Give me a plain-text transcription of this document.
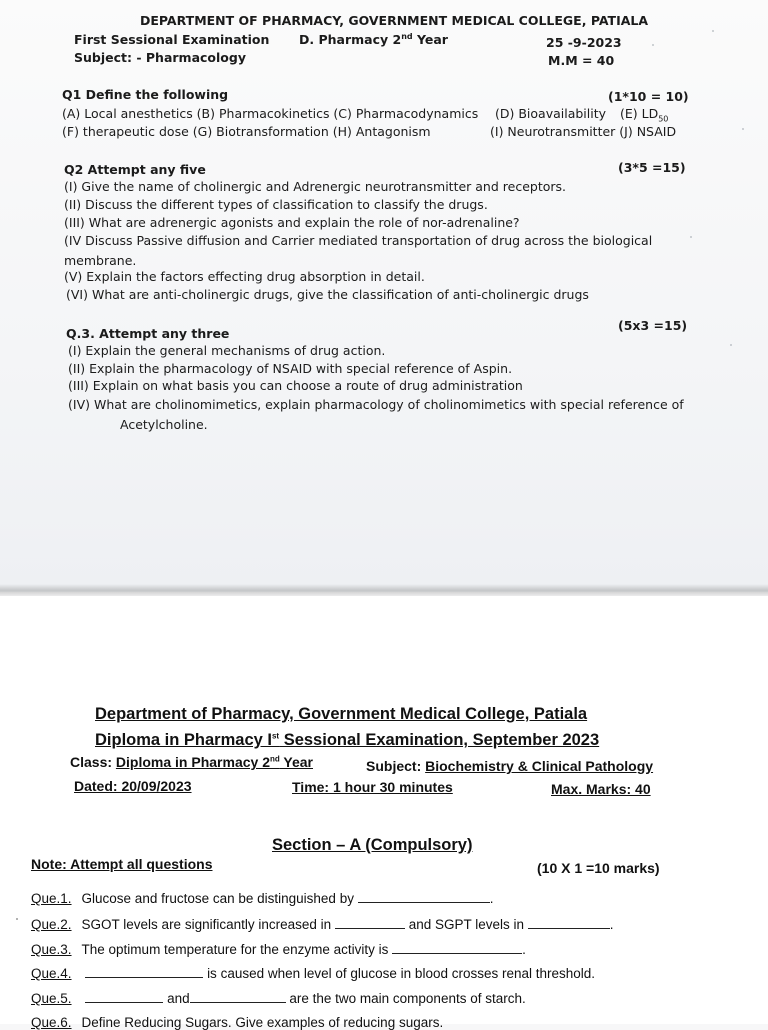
DEPARTMENT OF PHARMACY, GOVERNMENT MEDICAL COLLEGE, PATIALA
First Sessional Examination D. Pharmacy 2nd Year	25 -9-2023
Subject: - Pharmacology	M.M = 40
Q1 Define the following	(1*10 = 10)
(A) Local anesthetics (B) Pharmacokinetics (C) Pharmacodynamics (D) Bioavailability (E) $LD_{50}$
(F) therapeutic dose (G) Biotransformation (H) Antagonism	(I) Neurotransmitter (J) NSAID
Q2 Attempt any five	(3*5 =15)
(I) Give the name of cholinergic and Adrenergic neurotransmitter and receptors.
(II) Discuss the different types of classification to classify the drugs.
(III) What are adrenergic agonists and explain the role of nor-adrenaline?
(IV Discuss Passive diffusion and Carrier mediated transportation of drug across the biological
membrane.
(V) Explain the factors effecting drug absorption in detail.
(VI) What are anti-cholinergic drugs, give the classification of anti-cholinergic drugs
Q.3. Attempt any three
(5x3 =15)
(I) Explain the general mechanisms of drug action.
(II) Explain the pharmacology of NSAID with special reference of Aspin.
(III) Explain on what basis you can choose a route of drug administration
(IV) What are cholinomimetics, explain pharmacology of cholinomimetics with special reference of
Acetylcholine.
Department of Pharmacy, Government Medical College, Patiala
Diploma in Pharmacy Ist Sessional Examination, September 2023
Class: Diploma in Pharmacy 2nd Year	Subject: Biochemistry & Clinical Pathology
Dated: 20/09/2023	Time: 1 hour 30 minutes	Max. Marks: 40
Section – A (Compulsory)
Note: Attempt all questions	(10 X 1 =10 marks)
Que.1. Glucose and fructose can be distinguished by	.
Que.2. SGOT levels are significantly increased in	and SGPT levels in	.
Que.3. The optimum temperature for the enzyme activity is	.
Que.4.	is caused when level of glucose in blood crosses renal threshold.
Que.5.	and	are the two main components of starch.
Que.6. Define Reducing Sugars. Give examples of reducing sugars.
